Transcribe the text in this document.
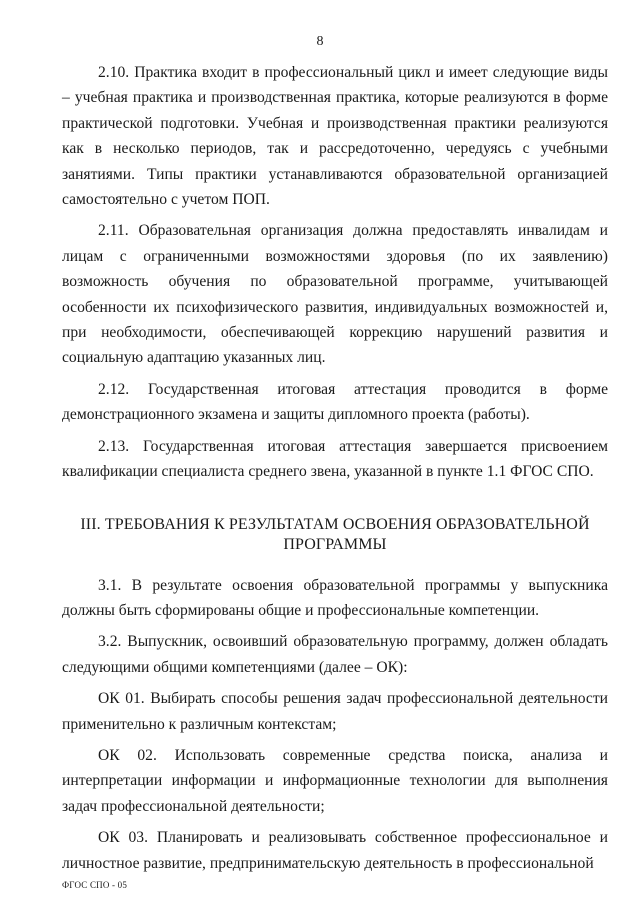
8

2.10. Практика входит в профессиональный цикл и имеет следующие виды – учебная практика и производственная практика, которые реализуются в форме практической подготовки. Учебная и производственная практики реализуются как в несколько периодов, так и рассредоточенно, чередуясь с учебными занятиями. Типы практики устанавливаются образовательной организацией самостоятельно с учетом ПОП.

2.11. Образовательная организация должна предоставлять инвалидам и лицам с ограниченными возможностями здоровья (по их заявлению) возможность обучения по образовательной программе, учитывающей особенности их психофизического развития, индивидуальных возможностей и, при необходимости, обеспечивающей коррекцию нарушений развития и социальную адаптацию указанных лиц.

2.12. Государственная итоговая аттестация проводится в форме демонстрационного экзамена и защиты дипломного проекта (работы).

2.13. Государственная итоговая аттестация завершается присвоением квалификации специалиста среднего звена, указанной в пункте 1.1 ФГОС СПО.

III. ТРЕБОВАНИЯ К РЕЗУЛЬТАТАМ ОСВОЕНИЯ ОБРАЗОВАТЕЛЬНОЙ ПРОГРАММЫ

3.1. В результате освоения образовательной программы у выпускника должны быть сформированы общие и профессиональные компетенции.

3.2. Выпускник, освоивший образовательную программу, должен обладать следующими общими компетенциями (далее – ОК):

ОК 01. Выбирать способы решения задач профессиональной деятельности применительно к различным контекстам;

ОК 02. Использовать современные средства поиска, анализа и интерпретации информации и информационные технологии для выполнения задач профессиональной деятельности;

ОК 03. Планировать и реализовывать собственное профессиональное и личностное развитие, предпринимательскую деятельность в профессиональной

ФГОС СПО - 05
